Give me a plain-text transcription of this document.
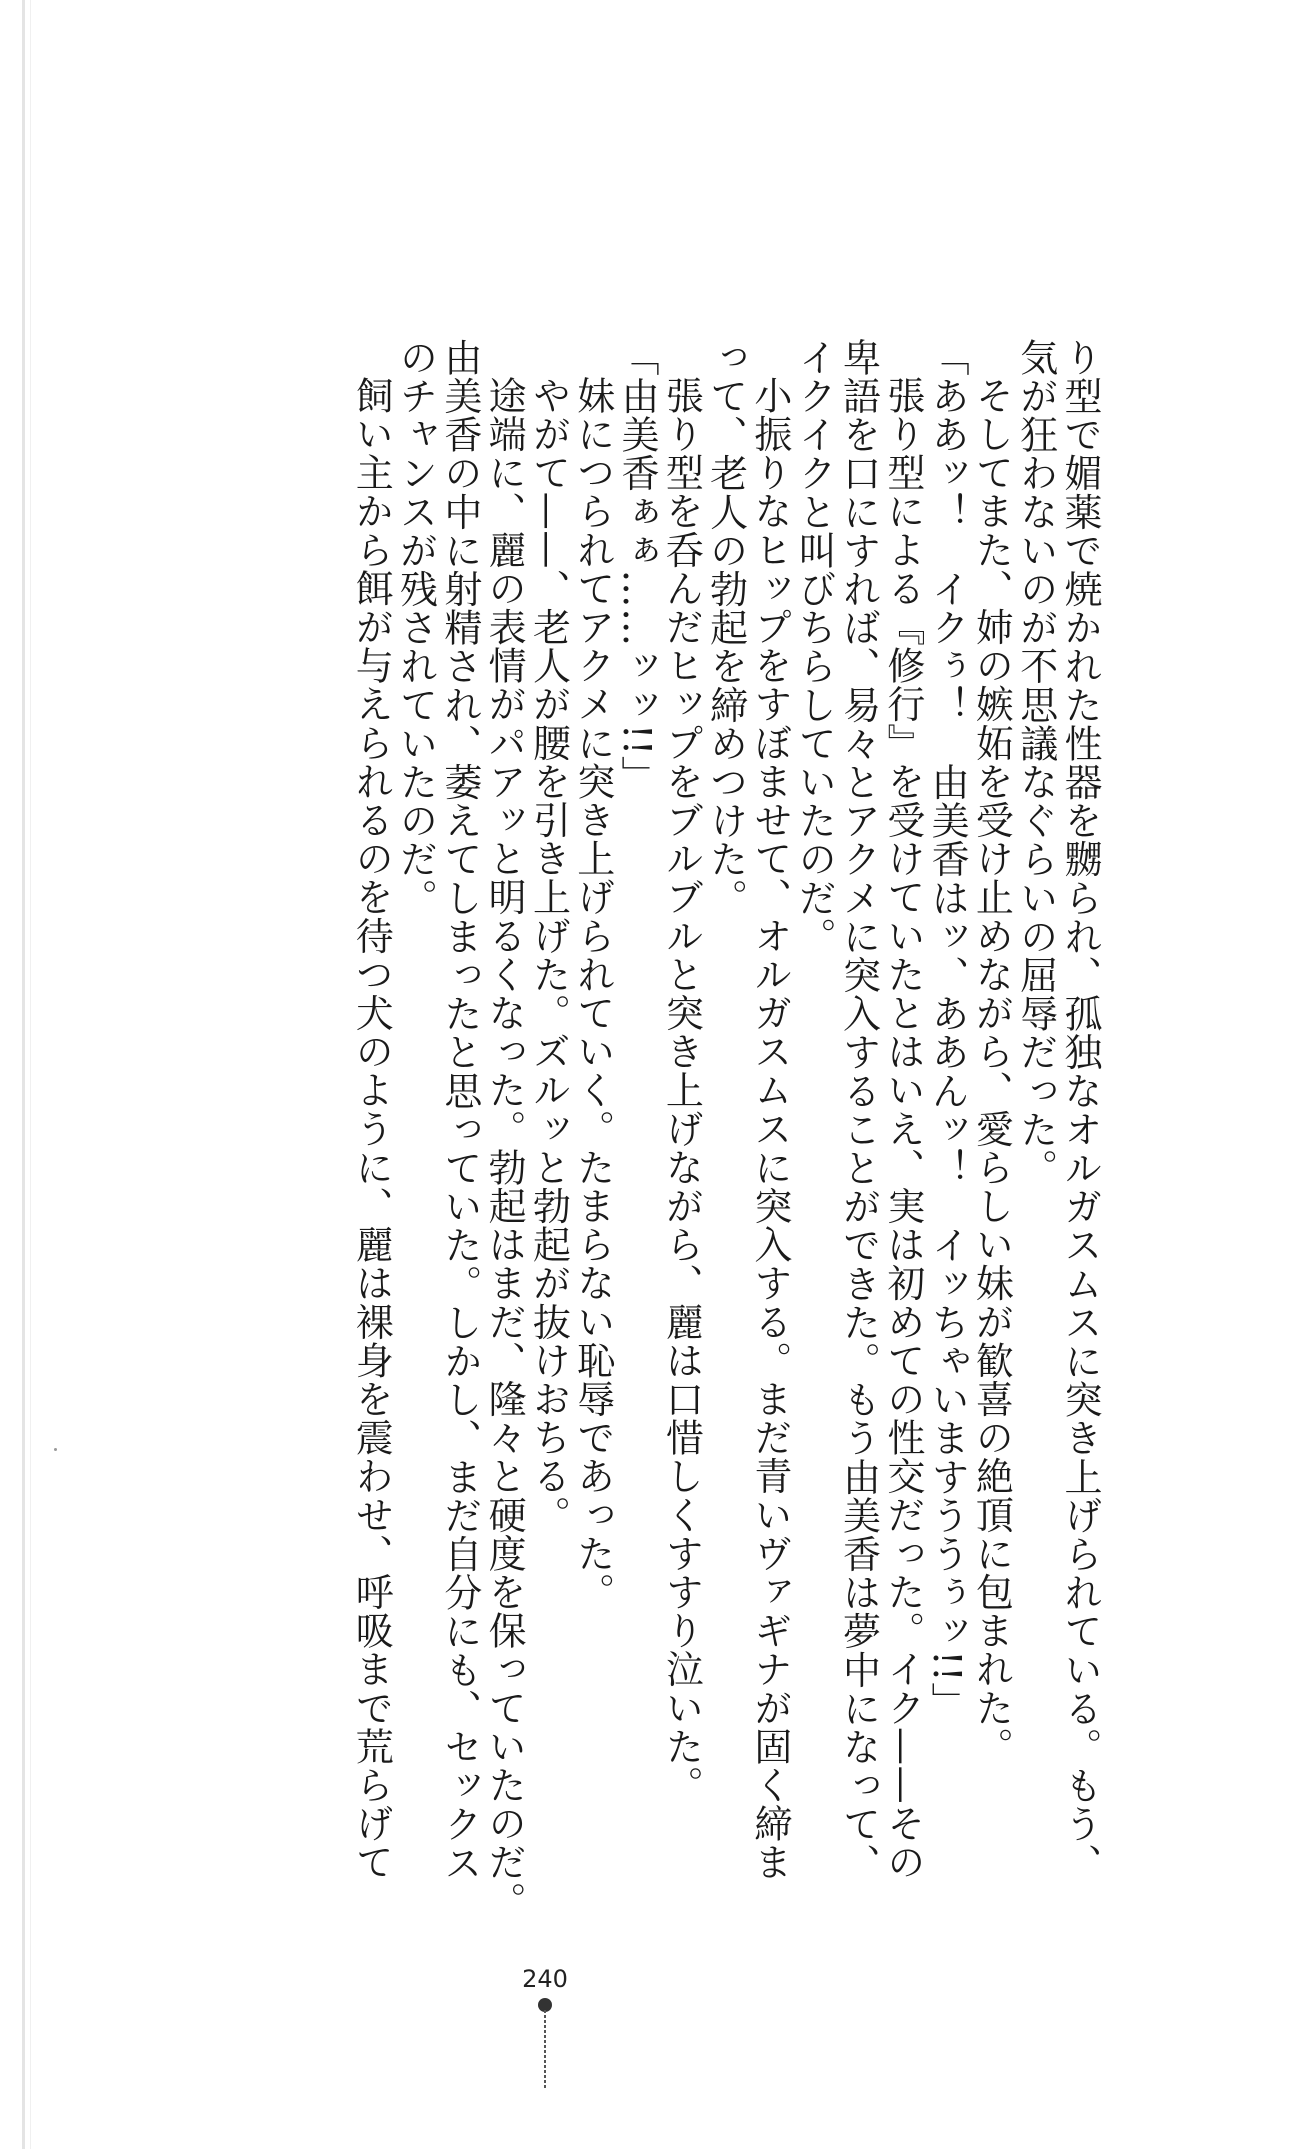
り型で媚薬で焼かれた性器を嬲られ、孤独なオルガスムスに突き上げられている。もう、
気が狂わないのが不思議なぐらいの屈辱だった。
そしてまた、姉の嫉妬を受け止めながら、愛らしい妹が歓喜の絶頂に包まれた。
「ああッ！　イクぅ！　由美香はッ、ああんッ！　イッちゃいますううぅッ!!」
張り型による『修行』を受けていたとはいえ、実は初めての性交だった。イク——その
卑語を口にすれば、易々とアクメに突入することができた。もう由美香は夢中になって、
イクイクと叫びちらしていたのだ。
小振りなヒップをすぼませて、オルガスムスに突入する。まだ青いヴァギナが固く締ま
って、老人の勃起を締めつけた。
張り型を呑んだヒップをブルブルと突き上げながら、麗は口惜しくすすり泣いた。
「由美香ぁぁ……ッッ!!」
妹につられてアクメに突き上げられていく。たまらない恥辱であった。
やがて——、老人が腰を引き上げた。ズルッと勃起が抜けおちる。
途端に、麗の表情がパアッと明るくなった。勃起はまだ、隆々と硬度を保っていたのだ。
由美香の中に射精され、萎えてしまったと思っていた。しかし、まだ自分にも、セックス
のチャンスが残されていたのだ。
飼い主から餌が与えられるのを待つ犬のように、麗は裸身を震わせ、呼吸まで荒らげて
240
